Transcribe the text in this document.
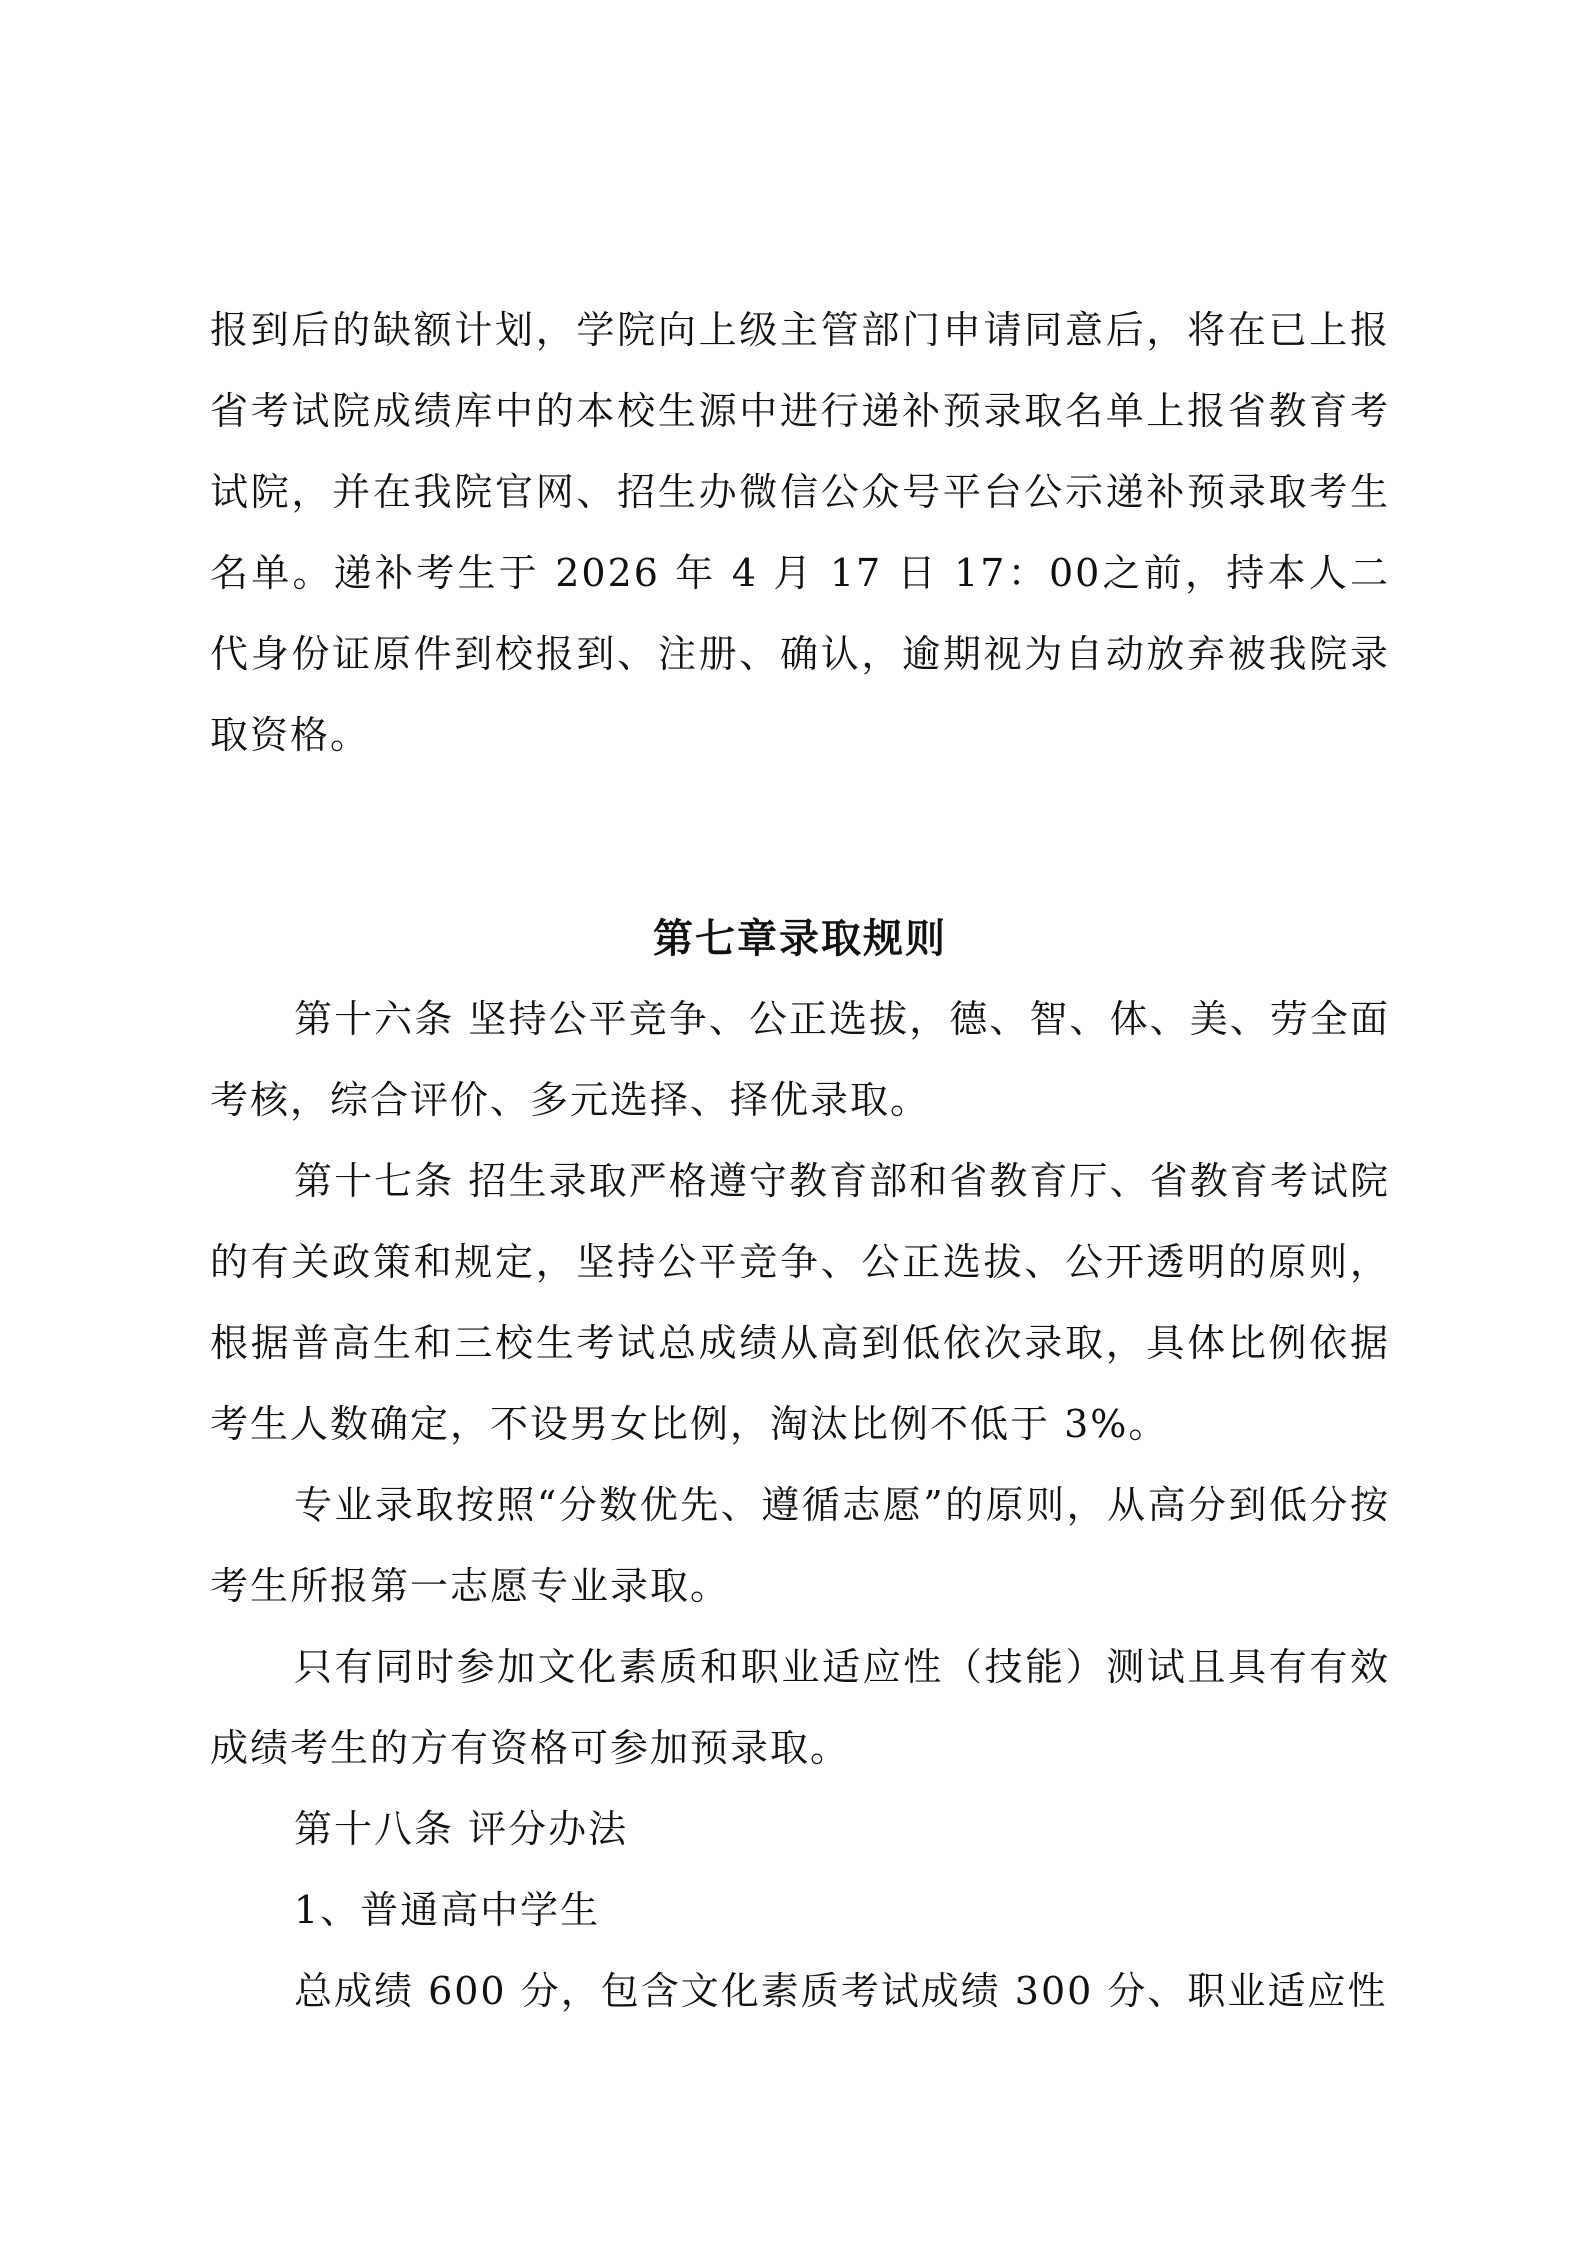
报到后的缺额计划，学院向上级主管部门申请同意后，将在已上报省考试院成绩库中的本校生源中进行递补预录取名单上报省教育考试院，并在我院官网、招生办微信公众号平台公示递补预录取考生名单。递补考生于 2026 年 4 月 17 日 17：00之前，持本人二代身份证原件到校报到、注册、确认，逾期视为自动放弃被我院录取资格。

第七章录取规则

第十六条 坚持公平竞争、公正选拔，德、智、体、美、劳全面考核，综合评价、多元选择、择优录取。

第十七条 招生录取严格遵守教育部和省教育厅、省教育考试院的有关政策和规定，坚持公平竞争、公正选拔、公开透明的原则，根据普高生和三校生考试总成绩从高到低依次录取，具体比例依据考生人数确定，不设男女比例，淘汰比例不低于 3%。

专业录取按照“分数优先、遵循志愿”的原则，从高分到低分按考生所报第一志愿专业录取。

只有同时参加文化素质和职业适应性（技能）测试且具有有效成绩考生的方有资格可参加预录取。

第十八条 评分办法

1、普通高中学生

总成绩 600 分，包含文化素质考试成绩 300 分、职业适应性
